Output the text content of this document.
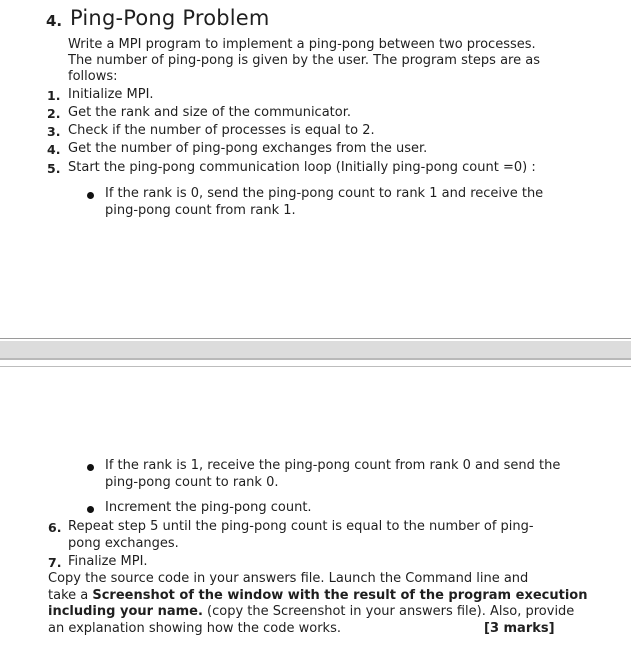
4. Ping-Pong Problem
Write a MPI program to implement a ping-pong between two processes.
The number of ping-pong is given by the user. The program steps are as
follows:
1. Initialize MPI.
2. Get the rank and size of the communicator.
3. Check if the number of processes is equal to 2.
4. Get the number of ping-pong exchanges from the user.
5. Start the ping-pong communication loop (Initially ping-pong count =0) :
If the rank is 0, send the ping-pong count to rank 1 and receive the
ping-pong count from rank 1.
If the rank is 1, receive the ping-pong count from rank 0 and send the
ping-pong count to rank 0.
Increment the ping-pong count.
6. Repeat step 5 until the ping-pong count is equal to the number of ping-
pong exchanges.
7. Finalize MPI.
Copy the source code in your answers file. Launch the Command line and
take a Screenshot of the window with the result of the program execution
including your name. (copy the Screenshot in your answers file). Also, provide
an explanation showing how the code works.	[3 marks]
